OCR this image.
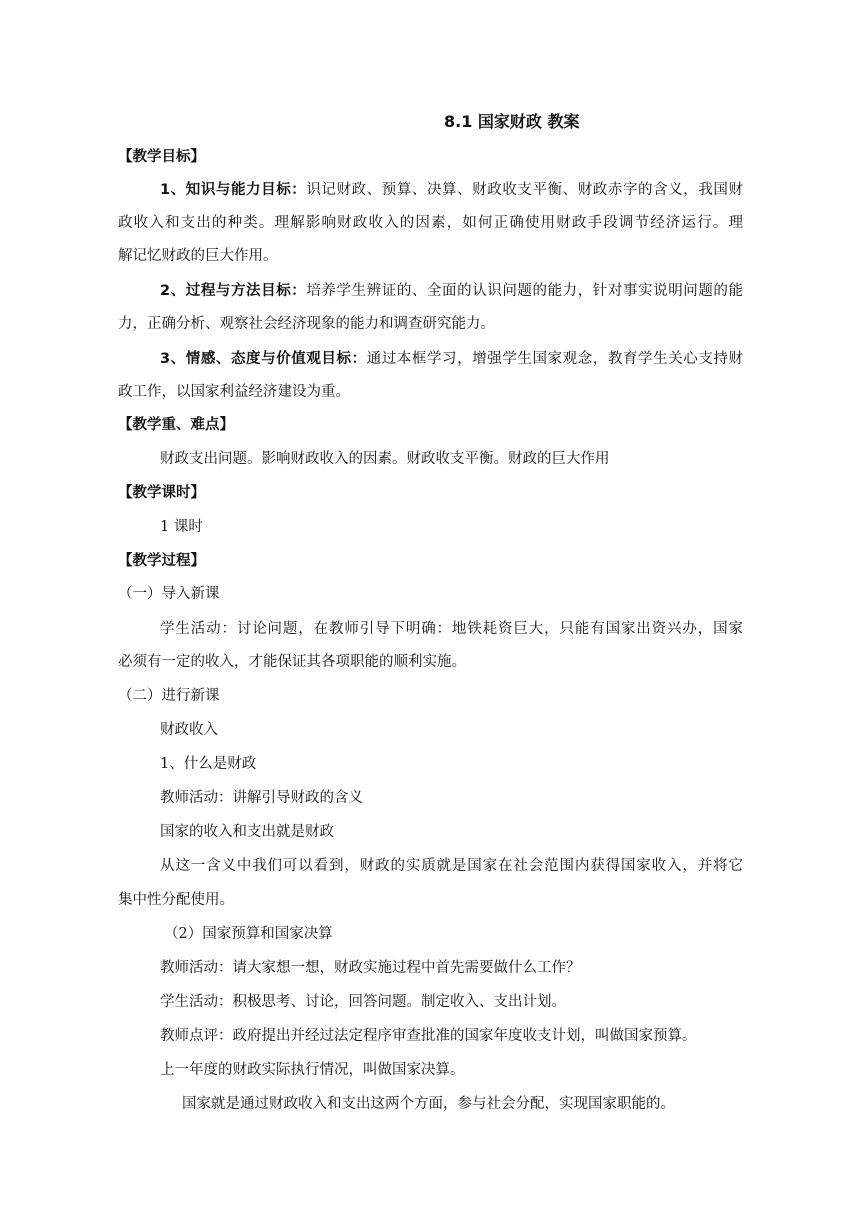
8.1 国家财政 教案
【教学目标】
1、知识与能力目标：识记财政、预算、决算、财政收支平衡、财政赤字的含义，我国财
政收入和支出的种类。理解影响财政收入的因素，如何正确使用财政手段调节经济运行。理
解记忆财政的巨大作用。
2、过程与方法目标：培养学生辨证的、全面的认识问题的能力，针对事实说明问题的能
力，正确分析、观察社会经济现象的能力和调查研究能力。
3、情感、态度与价值观目标：通过本框学习，增强学生国家观念，教育学生关心支持财
政工作，以国家利益经济建设为重。
【教学重、难点】
财政支出问题。影响财政收入的因素。财政收支平衡。财政的巨大作用
【教学课时】
1 课时
【教学过程】
（一）导入新课
学生活动：讨论问题，在教师引导下明确：地铁耗资巨大，只能有国家出资兴办，国家
必须有一定的收入，才能保证其各项职能的顺利实施。
（二）进行新课
财政收入
1、什么是财政
教师活动：讲解引导财政的含义
国家的收入和支出就是财政
从这一含义中我们可以看到，财政的实质就是国家在社会范围内获得国家收入，并将它
集中性分配使用。
（2）国家预算和国家决算
教师活动：请大家想一想，财政实施过程中首先需要做什么工作？
学生活动：积极思考、讨论，回答问题。制定收入、支出计划。
教师点评：政府提出并经过法定程序审查批准的国家年度收支计划，叫做国家预算。
上一年度的财政实际执行情况，叫做国家决算。
国家就是通过财政收入和支出这两个方面，参与社会分配，实现国家职能的。
